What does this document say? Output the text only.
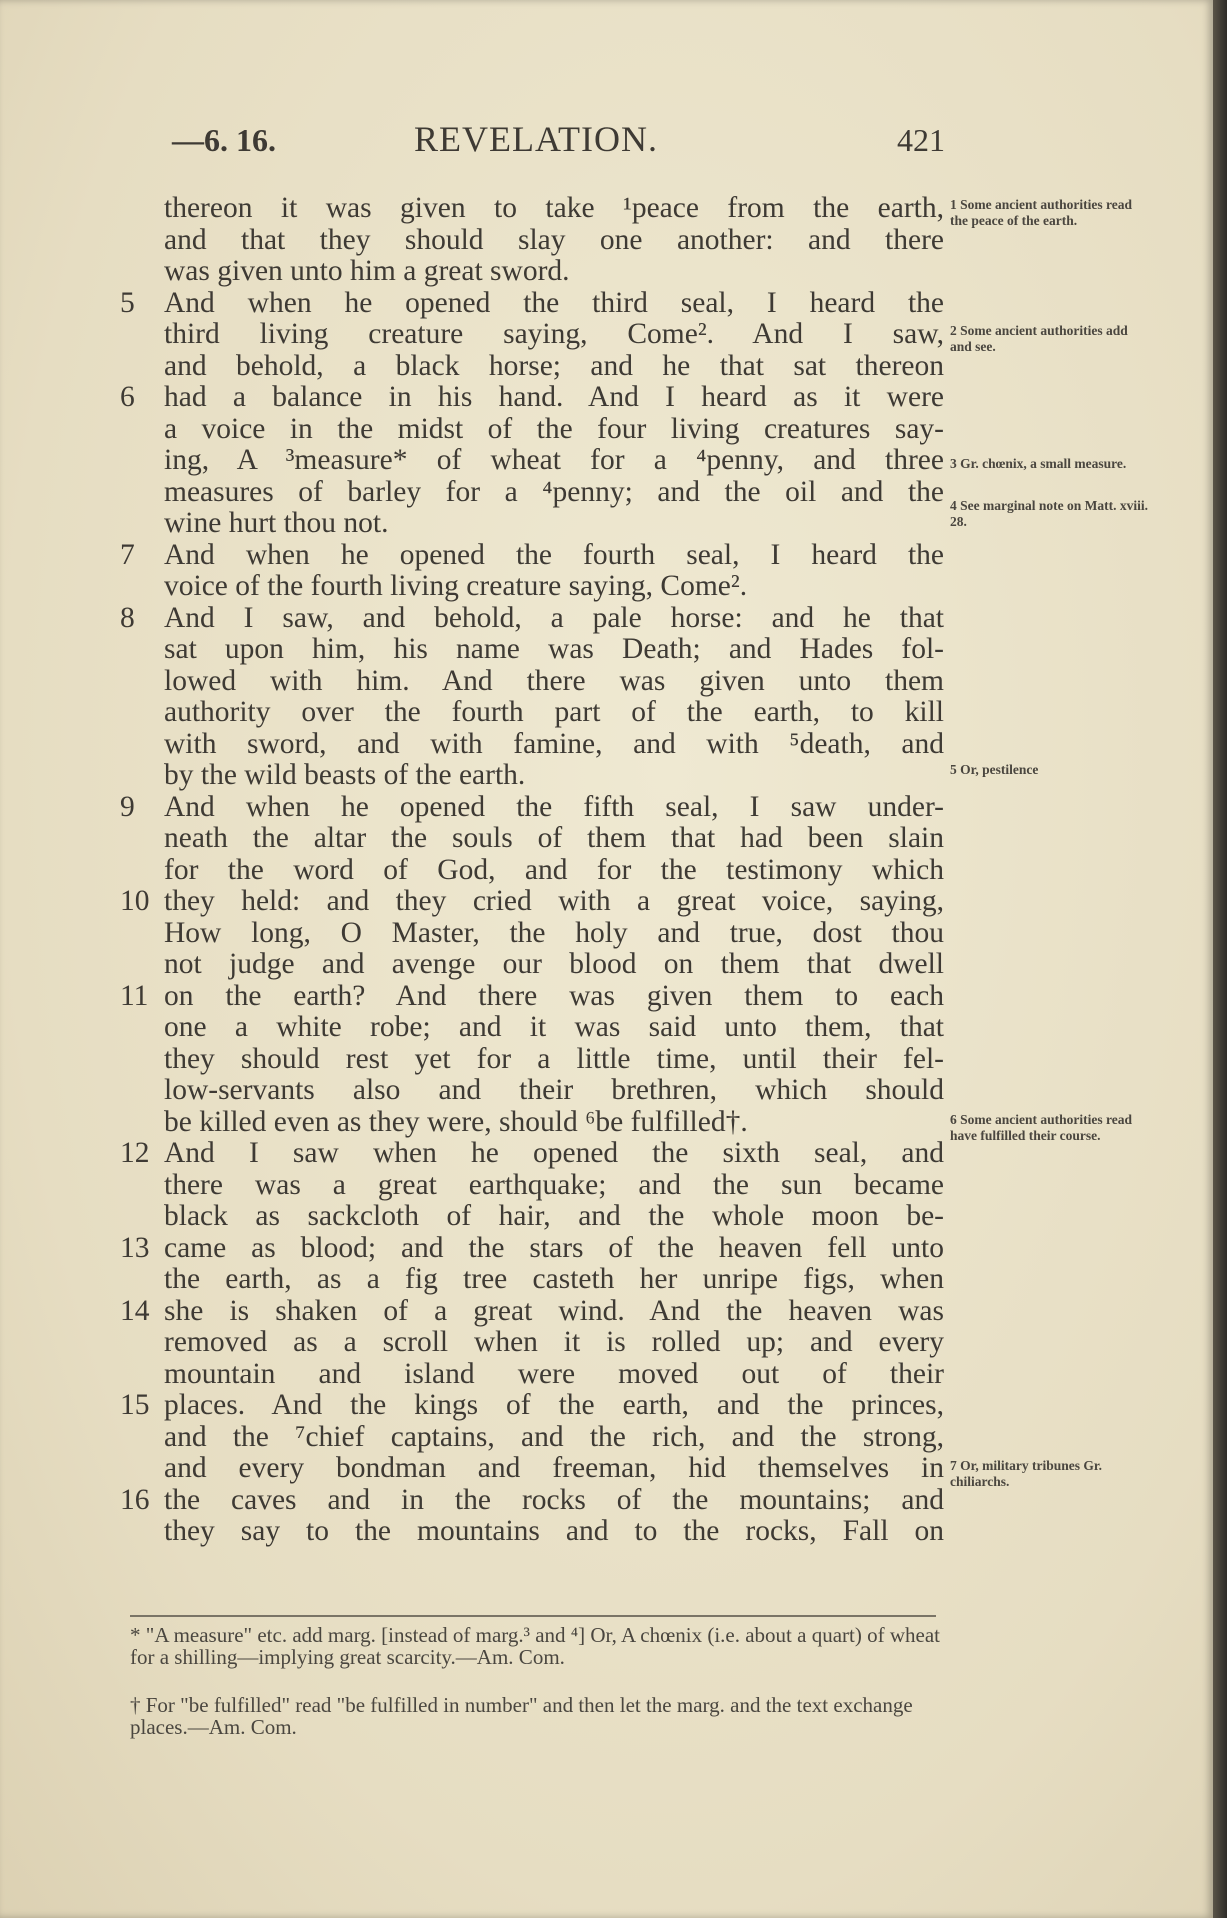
—6. 16.	REVELATION.	421
thereon it was given to take ¹peace from the earth,
and that they should slay one another: and there
was given unto him a great sword.
5 And when he opened the third seal, I heard the
third living creature saying, Come². And I saw,
and behold, a black horse; and he that sat thereon
6 had a balance in his hand. And I heard as it were
a voice in the midst of the four living creatures say-
ing, A ³measure* of wheat for a ⁴penny, and three
measures of barley for a ⁴penny; and the oil and the
wine hurt thou not.
7 And when he opened the fourth seal, I heard the
voice of the fourth living creature saying, Come².
8 And I saw, and behold, a pale horse: and he that
sat upon him, his name was Death; and Hades fol-
lowed with him. And there was given unto them
authority over the fourth part of the earth, to kill
with sword, and with famine, and with ⁵death, and
by the wild beasts of the earth.
9 And when he opened the fifth seal, I saw under-
neath the altar the souls of them that had been slain
for the word of God, and for the testimony which
10 they held: and they cried with a great voice, saying,
How long, O Master, the holy and true, dost thou
not judge and avenge our blood on them that dwell
11 on the earth? And there was given them to each
one a white robe; and it was said unto them, that
they should rest yet for a little time, until their fel-
low-servants also and their brethren, which should
be killed even as they were, should ⁶be fulfilled†.
12 And I saw when he opened the sixth seal, and
there was a great earthquake; and the sun became
black as sackcloth of hair, and the whole moon be-
13 came as blood; and the stars of the heaven fell unto
the earth, as a fig tree casteth her unripe figs, when
14 she is shaken of a great wind. And the heaven was
removed as a scroll when it is rolled up; and every
mountain and island were moved out of their
15 places. And the kings of the earth, and the princes,
and the ⁷chief captains, and the rich, and the strong,
and every bondman and freeman, hid themselves in
16 the caves and in the rocks of the mountains; and
they say to the mountains and to the rocks, Fall on
1 Some ancient authorities read the peace of the earth.
2 Some ancient authorities add and see.
3 Gr. chœnix, a small measure.
4 See marginal note on Matt. xviii. 28.
5 Or, pestilence
6 Some ancient authorities read have fulfilled their course.
7 Or, military tribunes Gr. chiliarchs.
* "A measure" etc. add marg. [instead of marg.³ and ⁴] Or, A chœnix (i.e. about a quart) of wheat for a shilling—implying great scarcity.—Am. Com.
† For "be fulfilled" read "be fulfilled in number" and then let the marg. and the text exchange places.—Am. Com.
